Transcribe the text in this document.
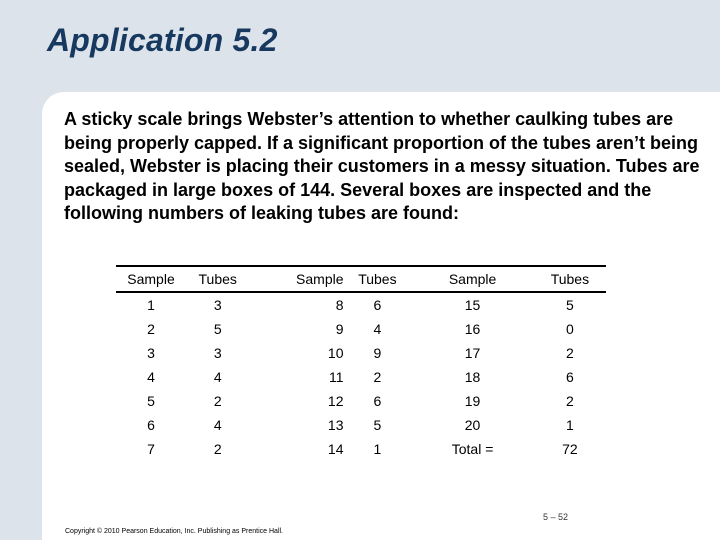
Application 5.2
A sticky scale brings Webster’s attention to whether caulking tubes are being properly capped. If a significant proportion of the tubes aren’t being sealed, Webster is placing their customers in a messy situation. Tubes are packaged in large boxes of 144. Several boxes are inspected and the following numbers of leaking tubes are found:
Sample	Tubes	Sample	Tubes	Sample	Tubes
1	3	8	6	15	5
2	5	9	4	16	0
3	3	10	9	17	2
4	4	11	2	18	6
5	2	12	6	19	2
6	4	13	5	20	1
7	2	14	1	Total =	72
5 – 52
Copyright © 2010 Pearson Education, Inc. Publishing as Prentice Hall.
